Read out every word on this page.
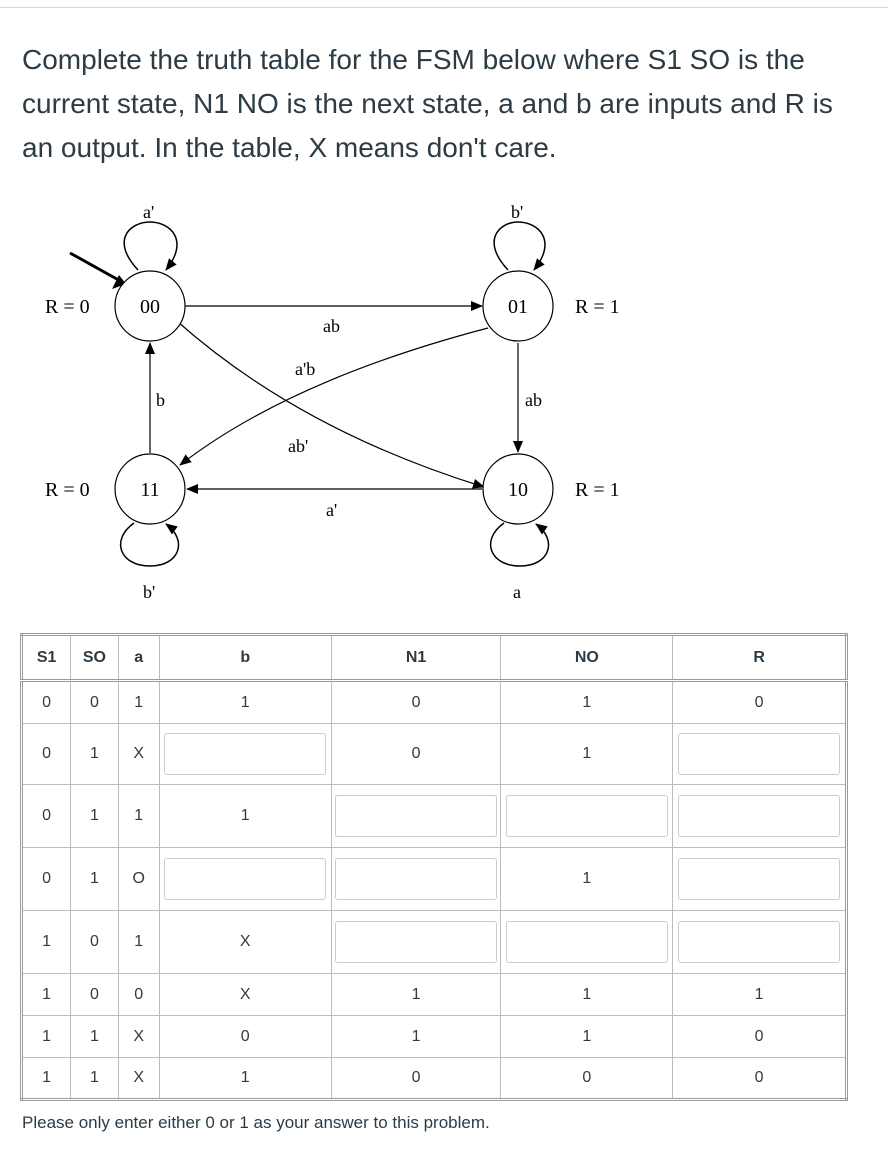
Complete the truth table for the FSM below where S1 SO is the current state, N1 NO is the next state, a and b are inputs and R is an output. In the table, X means don't care.

00	01
11	10
R = 0	R = 1
R = 0	R = 1
a'	b'
a
b'
ab
ab
b
a'b
ab'
a'
S1	SO	a	b	N1	NO	R
0	0	1	1	0	1	0
0	1	X		0	1	

0	1	1	1	

0	1	O			1	

1	0	1	X	

1	0	0	X	1	1	1
1	1	X	0	1	1	0
1	1	X	1	0	0	0

Please only enter either 0 or 1 as your answer to this problem.
